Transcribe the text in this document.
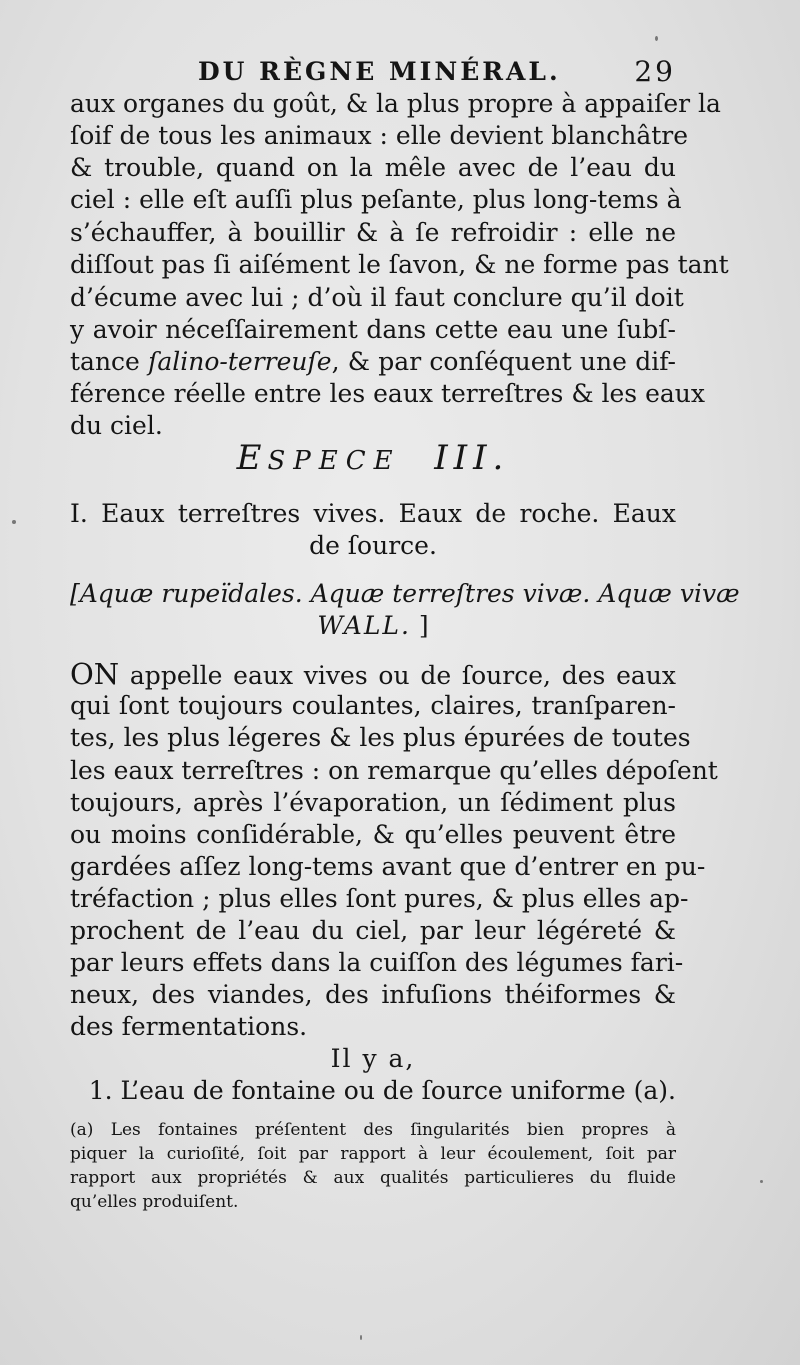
DU RÈGNE MINÉRAL.	29
aux organes du goût, & la plus propre à appaiſer la
ſoif de tous les animaux : elle devient blanchâtre
& trouble, quand on la mêle avec de l’eau du
ciel : elle eſt auſſi plus peſante, plus long-tems à
s’échauffer, à bouillir & à ſe refroidir : elle ne
diſſout pas ſi aiſément le ſavon, & ne forme pas tant
d’écume avec lui ; d’où il faut conclure qu’il doit
y avoir néceſſairement dans cette eau une ſubſ-
tance ſalino-terreuſe, & par conſéquent une dif-
férence réelle entre les eaux terreſtres & les eaux
du ciel.
ESPECE III.
I. Eaux terreſtres vives. Eaux de roche. Eaux
de ſource.
[Aquæ rupeïdales. Aquæ terreſtres vivæ. Aquæ vivæ
WALL. ]
ON appelle eaux vives ou de ſource, des eaux
qui ſont toujours coulantes, claires, tranſparen-
tes, les plus légeres & les plus épurées de toutes
les eaux terreſtres : on remarque qu’elles dépoſent
toujours, après l’évaporation, un ſédiment plus
ou moins conſidérable, & qu’elles peuvent être
gardées aſſez long-tems avant que d’entrer en pu-
tréfaction ; plus elles ſont pures, & plus elles ap-
prochent de l’eau du ciel, par leur légéreté &
par leurs effets dans la cuiſſon des légumes fari-
neux, des viandes, des infuſions théiformes &
des fermentations.
Il y a,
1. L’eau de fontaine ou de ſource uniforme (a).
(a) Les fontaines préſentent des ſingularités bien propres à
piquer la curioſité, ſoit par rapport à leur écoulement, ſoit par
rapport aux propriétés & aux qualités particulieres du fluide
qu’elles produiſent.
